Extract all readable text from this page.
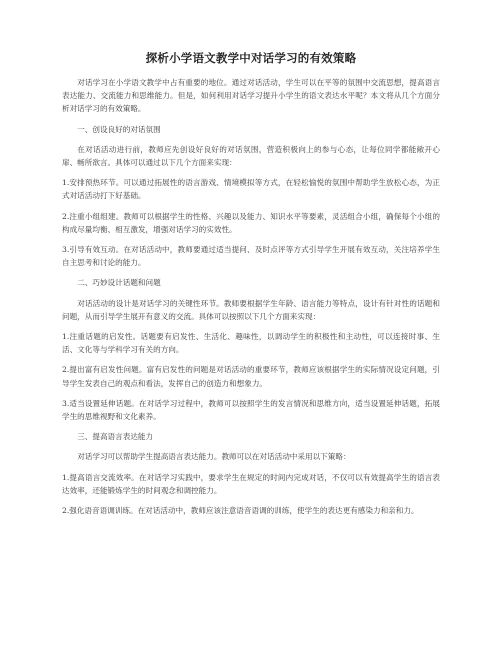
探析小学语文教学中对话学习的有效策略

对话学习在小学语文教学中占有重要的地位。通过对话活动，学生可以在平等的氛围中交流思想，提高语言表达能力、交流能力和思维能力。但是，如何利用对话学习提升小学生的语文表达水平呢？本文将从几个方面分析对话学习的有效策略。

一、创设良好的对话氛围

在对话活动进行前，教师应先创设好良好的对话氛围，营造积极向上的参与心态，让每位同学都能敞开心扉、畅所欲言。具体可以通过以下几个方面来实现：

1.安排预热环节。可以通过拓展性的语言游戏、情境模拟等方式，在轻松愉悦的氛围中帮助学生放松心态，为正式对话活动打下好基础。

2.注重小组组建。教师可以根据学生的性格、兴趣以及能力、知识水平等要素，灵活组合小组，确保每个小组的构成尽量均衡、相互激发，增强对话学习的实效性。

3.引导有效互动。在对话活动中，教师要通过适当提问、及时点评等方式引导学生开展有效互动，关注培养学生自主思考和讨论的能力。

二、巧妙设计话题和问题

对话活动的设计是对话学习的关键性环节。教师要根据学生年龄、语言能力等特点，设计有针对性的话题和问题，从而引导学生展开有意义的交流。具体可以按照以下几个方面来实现：

1.注重话题的启发性。话题要有启发性、生活化、趣味性，以调动学生的积极性和主动性，可以连接时事、生活、文化等与学科学习有关的方向。

2.提出富有启发性问题。富有启发性的问题是对话活动的重要环节，教师应该根据学生的实际情况设定问题，引导学生发表自己的观点和看法，发挥自己的创造力和想象力。

3.适当设置延伸话题。在对话学习过程中，教师可以按照学生的发言情况和思维方向，适当设置延伸话题，拓展学生的思维视野和文化素养。

三、提高语言表达能力

对话学习可以帮助学生提高语言表达能力。教师可以在对话活动中采用以下策略：

1.提高语言交流效率。在对话学习实践中，要求学生在规定的时间内完成对话，不仅可以有效提高学生的语言表达效率，还能锻炼学生的时间观念和调控能力。

2.强化语音语调训练。在对话活动中，教师应该注意语音语调的训练，使学生的表达更有感染力和亲和力。
